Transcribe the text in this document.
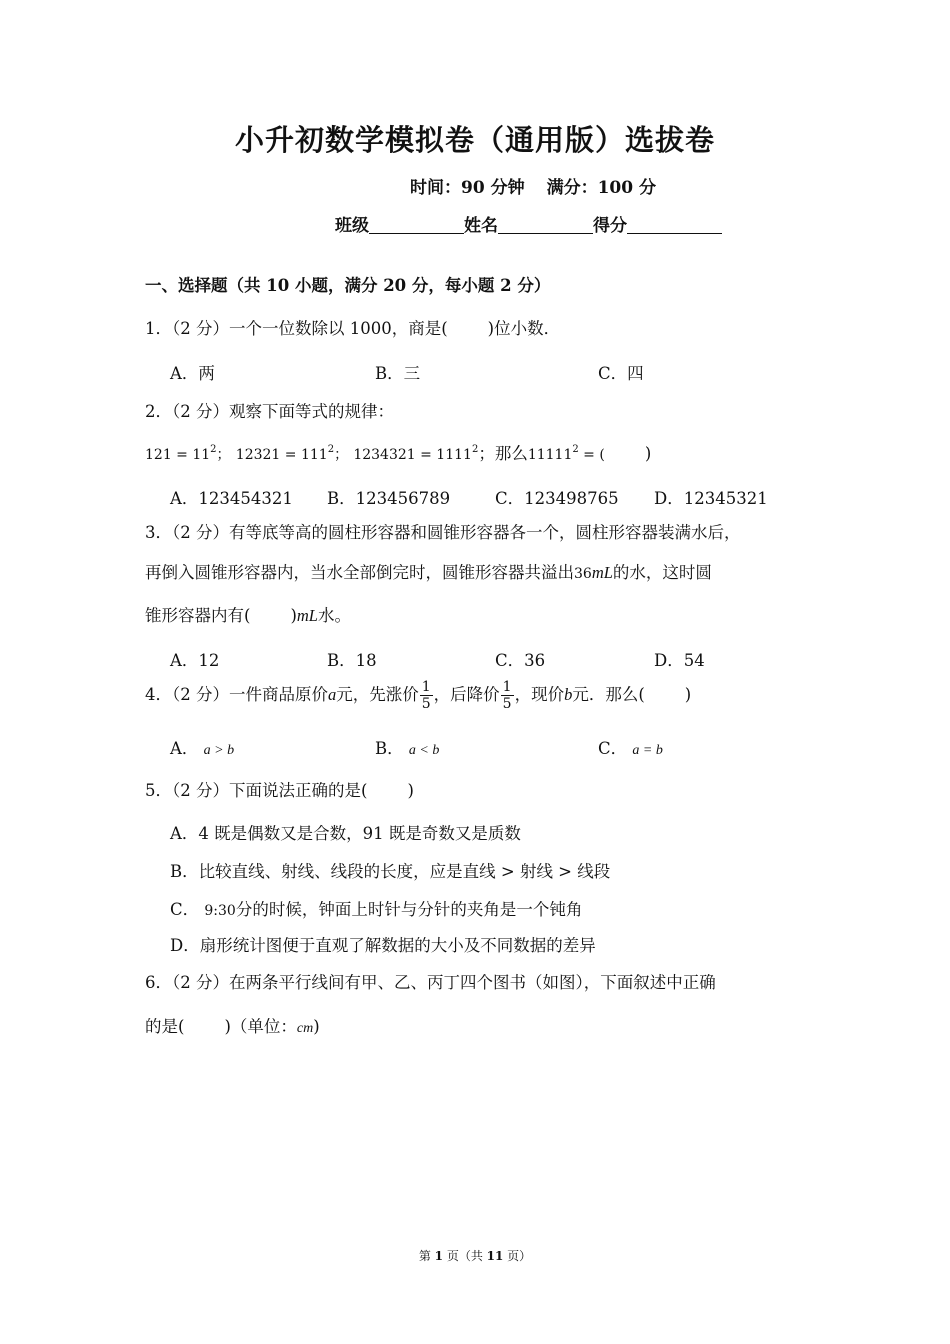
小升初数学模拟卷（通用版）选拔卷
时间：90 分钟 满分：100 分
班级	姓名	得分
一、选择题（共 10 小题，满分 20 分，每小题 2 分）
1．（2 分）一个一位数除以 1000，商是( )位小数．
A．两	B．三	C．四
2．（2 分）观察下面等式的规律：
$121 = 11^2$； $12321 = 111^2$； $1234321 = 1111^2$；那么$11111^2$ = ( )
A．123454321 B．123456789	C．123498765 D．12345321
3．（2 分）有等底等高的圆柱形容器和圆锥形容器各一个，圆柱形容器装满水后，
再倒入圆锥形容器内，当水全部倒完时，圆锥形容器共溢出36mL的水，这时圆
锥形容器内有( )mL水。
A．12	B．18	C．36	D．54
4．（2 分）一件商品原价a元，先涨价 $\frac{1}{5}$ ，后降价 $\frac{1}{5}$ ，现价b元．那么( )
A． a > b	B． a < b	C． a = b
5．（2 分）下面说法正确的是( )
A．4 既是偶数又是合数，91 既是奇数又是质数
B．比较直线、射线、线段的长度，应是直线 > 射线 > 线段
C． 9:30分的时候，钟面上时针与分针的夹角是一个钝角
D．扇形统计图便于直观了解数据的大小及不同数据的差异
6．（2 分）在两条平行线间有甲、乙、丙丁四个图书（如图），下面叙述中正确
的是( )（单位：cm)
第 1 页（共 11 页）
